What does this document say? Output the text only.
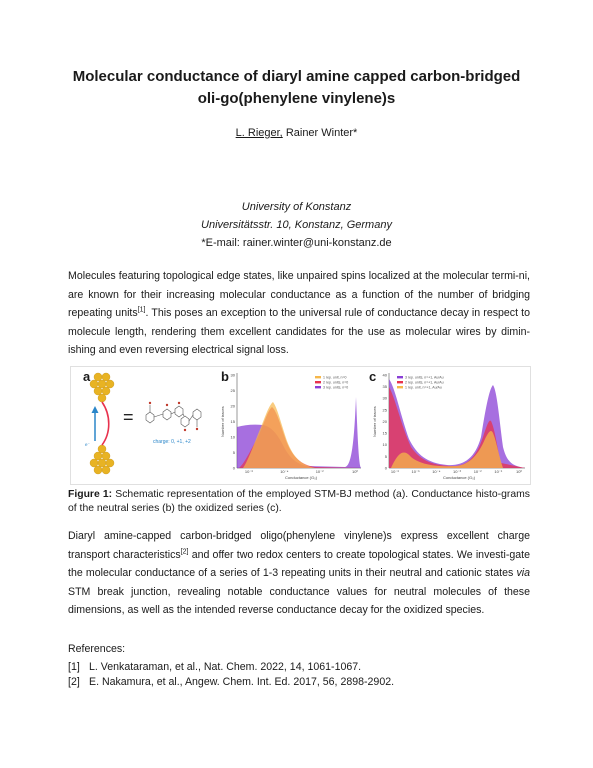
Molecular conductance of diaryl amine capped carbon-bridged oli-go(phenylene vinylene)s
L. Rieger, Rainer Winter*
University of Konstanz
Universitätsstr. 10, Konstanz, Germany
*E-mail: rainer.winter@uni-konstanz.de

Molecules featuring topological edge states, like unpaired spins localized at the molecular termi-ni, are known for their increasing molecular conductance as a function of the number of bridging repeating units[1]. This poses an exception to the universal rule of conductance decay in respect to molecule length, rendering them excellent candidates for the use as molecular wires by dimin-ishing and even reversing electrical signal loss.

a
e⁻
=
charge: 0, +1, +2
b
0
5
10
15
20
25
30
10⁻⁶	10⁻⁴	10⁻²	10⁰
1 rep. unit, n=0
2 rep. units, n=0
3 rep. units, n=0
Conductance (G₀)
Number of traces
c
0
5
10
15
20
25
30
35
40
10⁻⁶	10⁻⁵	10⁻⁴	10⁻³	10⁻²	10⁻¹	10⁰
3 rep. units, n=+1, Au/Au
2 rep. units, n=+1, Au/Au
1 rep. unit, n=+1, Au/Au
Conductance (G₀)
Number of traces

Figure 1: Schematic representation of the employed STM-BJ method (a). Conductance histo-grams of the neutral series (b) the oxidized series (c).

Diaryl amine-capped carbon-bridged oligo(phenylene vinylene)s express excellent charge transport characteristics[2] and offer two redox centers to create topological states. We investi-gate the molecular conductance of a series of 1-3 repeating units in their neutral and cationic states via STM break junction, revealing notable conductance values for neutral molecules of these dimensions, as well as the intended reverse conductance decay for the oxidized species.

References:
[1] L. Venkataraman, et al., Nat. Chem. 2022, 14, 1061-1067.
[2] E. Nakamura, et al., Angew. Chem. Int. Ed. 2017, 56, 2898-2902.
